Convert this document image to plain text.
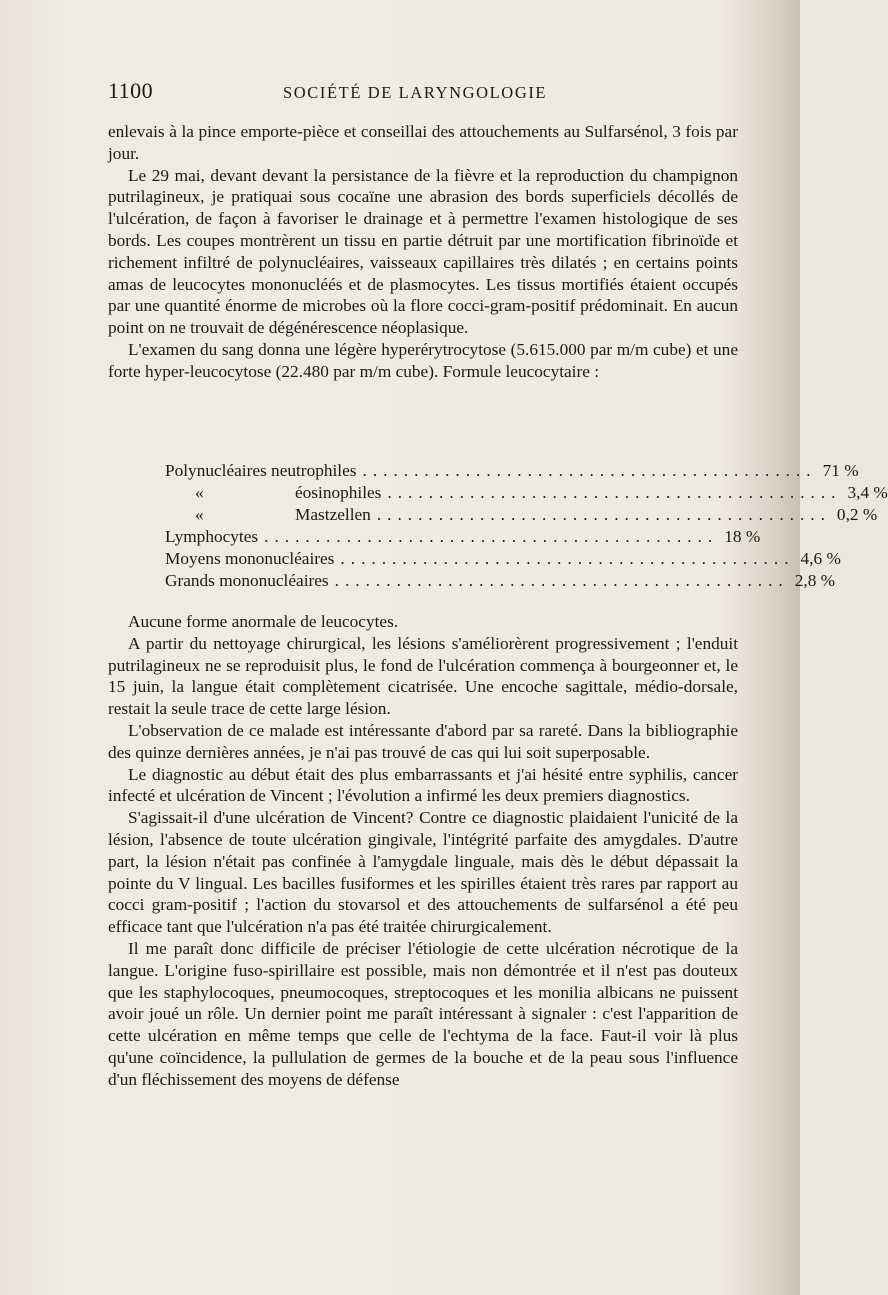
1100	SOCIÉTÉ DE LARYNGOLOGIE

enlevais à la pince emporte-pièce et conseillai des attouchements au Sulfarsénol, 3 fois par jour.

Le 29 mai, devant devant la persistance de la fièvre et la reproduction du champignon putrilagineux, je pratiquai sous cocaïne une abrasion des bords superficiels décollés de l'ulcération, de façon à favoriser le drainage et à permettre l'examen histologique de ses bords. Les coupes montrèrent un tissu en partie détruit par une mortification fibrinoïde et richement infiltré de polynucléaires, vaisseaux capillaires très dilatés ; en certains points amas de leucocytes mononucléés et de plasmocytes. Les tissus mortifiés étaient occupés par une quantité énorme de microbes où la flore cocci-gram-positif prédominait. En aucun point on ne trouvait de dégénérescence néoplasique.

L'examen du sang donna une légère hyperérytrocytose (5.615.000 par m/m cube) et une forte hyper-leucocytose (22.480 par m/m cube). Formule leucocytaire :

Polynucléaires neutrophiles ............................................ 71 %
«	éosinophiles ............................................ 3,4 %
«	Mastzellen ............................................ 0,2 %
Lymphocytes ............................................ 18 %
Moyens mononucléaires ............................................ 4,6 %
Grands mononucléaires ............................................ 2,8 %

Aucune forme anormale de leucocytes.

A partir du nettoyage chirurgical, les lésions s'améliorèrent progressivement ; l'enduit putrilagineux ne se reproduisit plus, le fond de l'ulcération commença à bourgeonner et, le 15 juin, la langue était complètement cicatrisée. Une encoche sagittale, médio-dorsale, restait la seule trace de cette large lésion.

L'observation de ce malade est intéressante d'abord par sa rareté. Dans la bibliographie des quinze dernières années, je n'ai pas trouvé de cas qui lui soit superposable.

Le diagnostic au début était des plus embarrassants et j'ai hésité entre syphilis, cancer infecté et ulcération de Vincent ; l'évolution a infirmé les deux premiers diagnostics.

S'agissait-il d'une ulcération de Vincent? Contre ce diagnostic plaidaient l'unicité de la lésion, l'absence de toute ulcération gingivale, l'intégrité parfaite des amygdales. D'autre part, la lésion n'était pas confinée à l'amygdale linguale, mais dès le début dépassait la pointe du V lingual. Les bacilles fusiformes et les spirilles étaient très rares par rapport au cocci gram-positif ; l'action du stovarsol et des attouchements de sulfarsénol a été peu efficace tant que l'ulcération n'a pas été traitée chirurgicalement.

Il me paraît donc difficile de préciser l'étiologie de cette ulcération nécrotique de la langue. L'origine fuso-spirillaire est possible, mais non démontrée et il n'est pas douteux que les staphylocoques, pneumocoques, streptocoques et les monilia albicans ne puissent avoir joué un rôle. Un dernier point me paraît intéressant à signaler : c'est l'apparition de cette ulcération en même temps que celle de l'echtyma de la face. Faut-il voir là plus qu'une coïncidence, la pullulation de germes de la bouche et de la peau sous l'influence d'un fléchissement des moyens de défense
